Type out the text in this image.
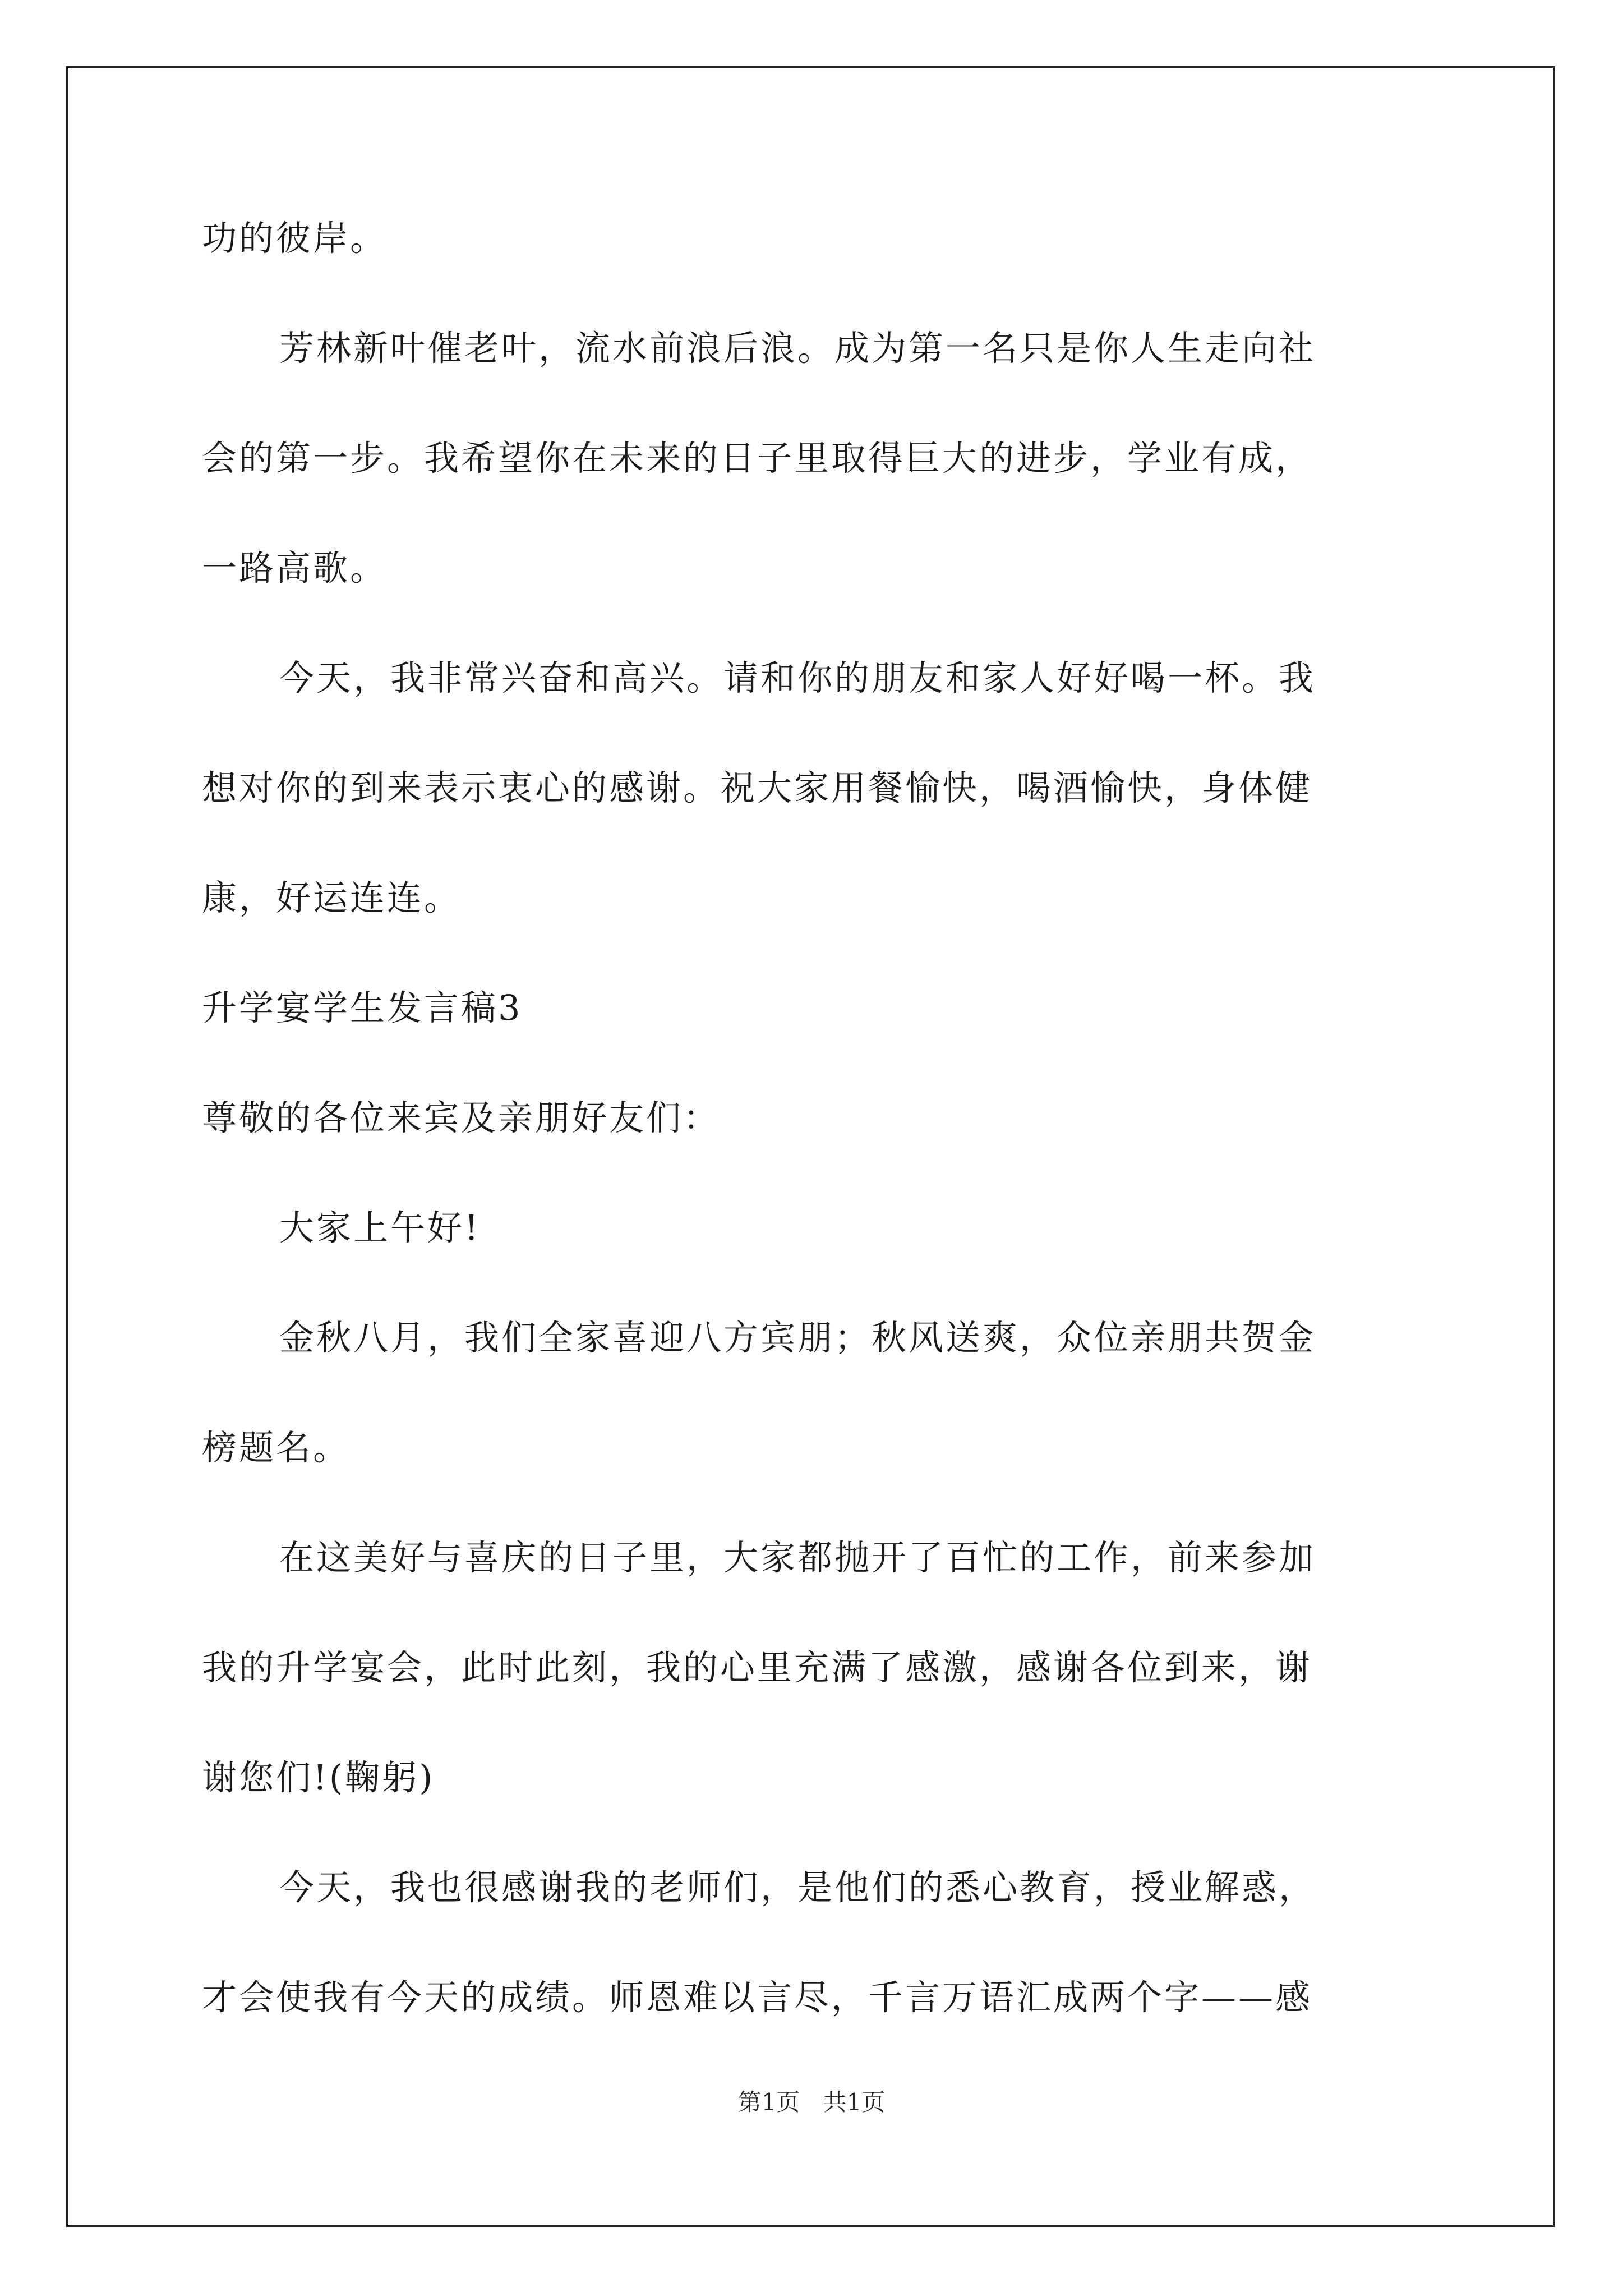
功的彼岸。
芳林新叶催老叶，流水前浪后浪。成为第一名只是你人生走向社
会的第一步。我希望你在未来的日子里取得巨大的进步，学业有成，
一路高歌。
今天，我非常兴奋和高兴。请和你的朋友和家人好好喝一杯。我
想对你的到来表示衷心的感谢。祝大家用餐愉快，喝酒愉快，身体健
康，好运连连。
升学宴学生发言稿3
尊敬的各位来宾及亲朋好友们：
大家上午好!
金秋八月，我们全家喜迎八方宾朋；秋风送爽，众位亲朋共贺金
榜题名。
在这美好与喜庆的日子里，大家都抛开了百忙的工作，前来参加
我的升学宴会，此时此刻，我的心里充满了感激，感谢各位到来，谢
谢您们!(鞠躬)
今天，我也很感谢我的老师们，是他们的悉心教育，授业解惑，
才会使我有今天的成绩。师恩难以言尽，千言万语汇成两个字——感
第1页 共1页
